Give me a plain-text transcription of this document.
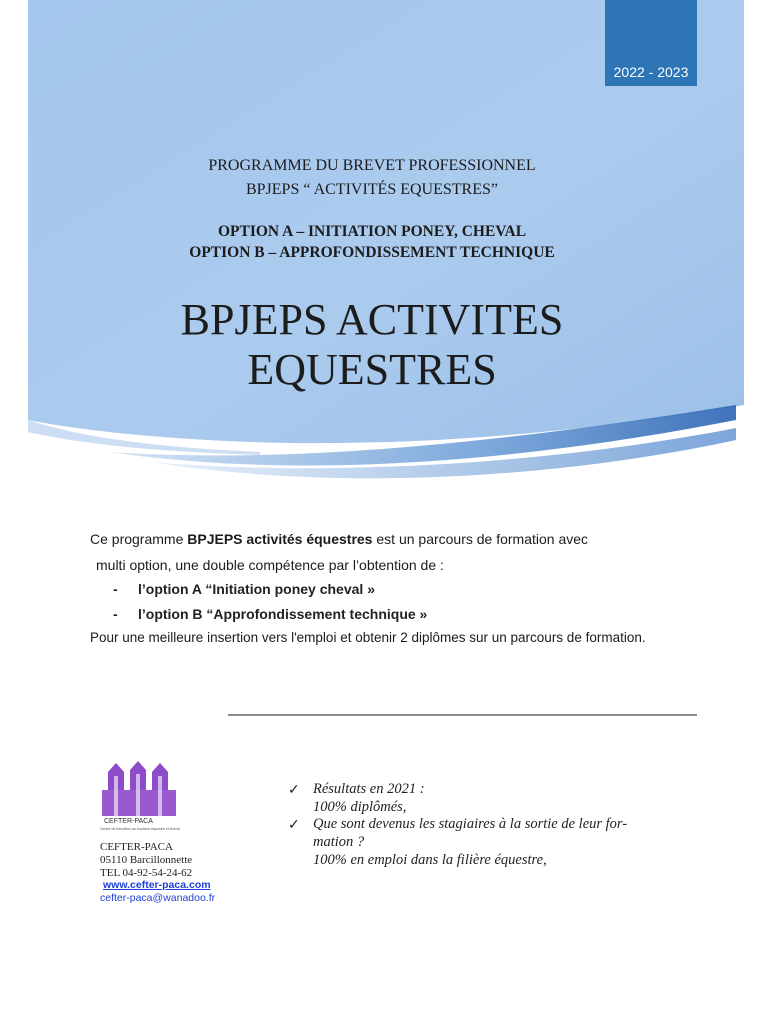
2022 - 2023
PROGRAMME DU BREVET PROFESSIONNEL
BPJEPS “ ACTIVITÉS EQUESTRES”
OPTION A – INITIATION PONEY, CHEVAL
OPTION B – APPROFONDISSEMENT TECHNIQUE
BPJEPS ACTIVITES
EQUESTRES
Ce programme BPJEPS activités équestres est un parcours de formation avec
multi option, une double compétence par l’obtention de :
- l’option A “Initiation poney cheval »
- l’option B “Approfondissement technique »
Pour une meilleure insertion vers l'emploi et obtenir 2 diplômes sur un parcours de formation.
CEFTER-PACA
Centre de formation au tourisme équestre et cheval
CEFTER-PACA
05110 Barcillonnette
TEL 04-92-54-24-62
www.cefter-paca.com
cefter-paca@wanadoo.fr
✓ Résultats en 2021 :
100% diplômés,
✓ Que sont devenus les stagiaires à la sortie de leur for-
mation ?
100% en emploi dans la filière équestre,
